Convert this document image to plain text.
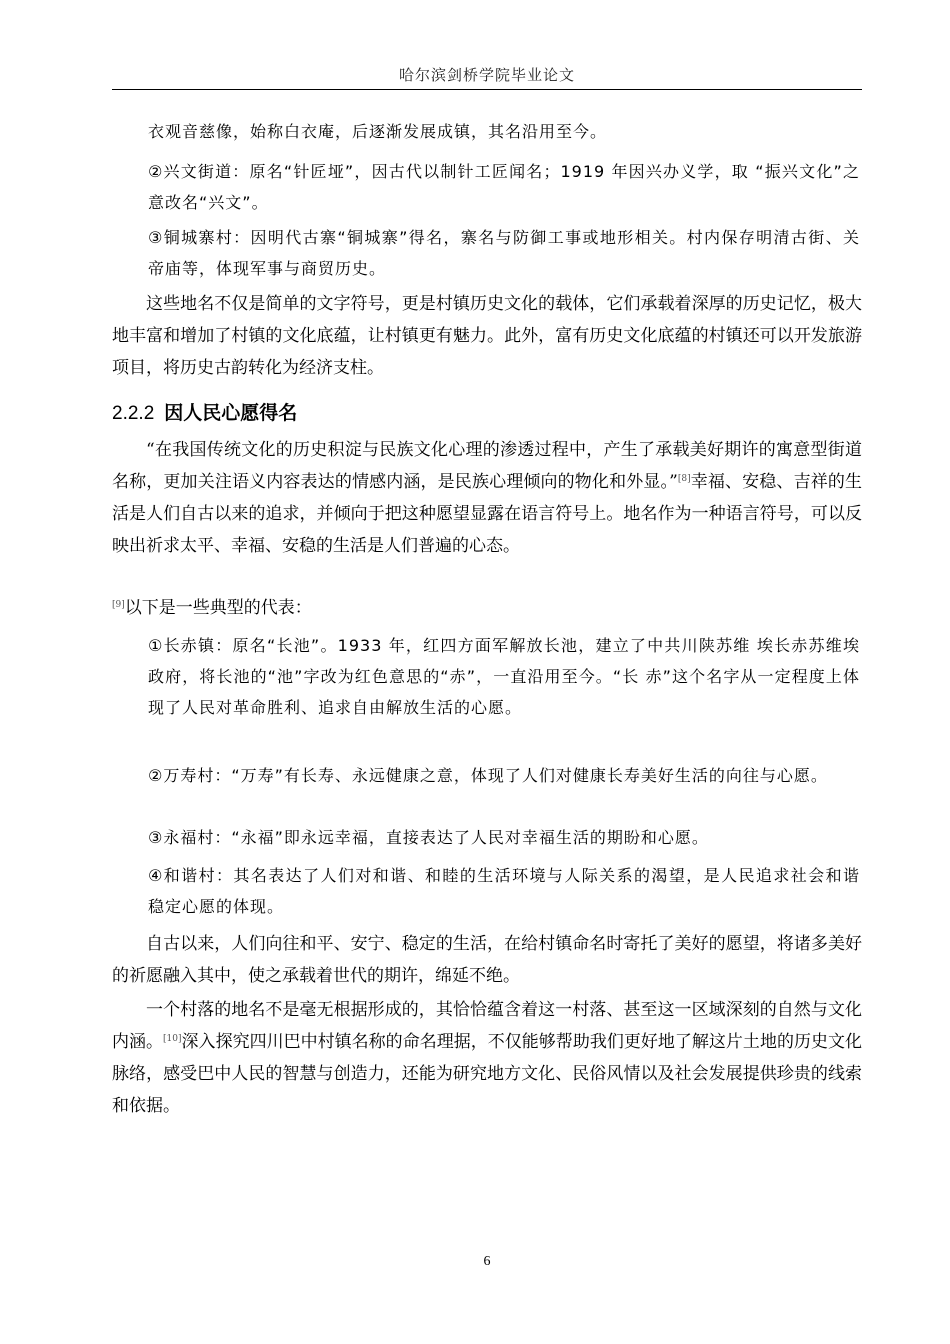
哈尔滨剑桥学院毕业论文

衣观音慈像，始称白衣庵，后逐渐发展成镇，其名沿用至今。

②兴文街道：原名“针匠垭”，因古代以制针工匠闻名；1919 年因兴办义学，取 “振兴文化”之意改名“兴文”。

③铜城寨村：因明代古寨“铜城寨”得名，寨名与防御工事或地形相关。村内保存明清古街、关帝庙等，体现军事与商贸历史。

这些地名不仅是简单的文字符号，更是村镇历史文化的载体，它们承载着深厚的历史记忆，极大地丰富和增加了村镇的文化底蕴，让村镇更有魅力。此外，富有历史文化底蕴的村镇还可以开发旅游项目，将历史古韵转化为经济支柱。

2.2.2 因人民心愿得名

“在我国传统文化的历史积淀与民族文化心理的渗透过程中，产生了承载美好期许的寓意型街道名称，更加关注语义内容表达的情感内涵，是民族心理倾向的物化和外显。”[8]幸福、安稳、吉祥的生活是人们自古以来的追求，并倾向于把这种愿望显露在语言符号上。地名作为一种语言符号，可以反映出祈求太平、幸福、安稳的生活是人们普遍的心态。

[9]以下是一些典型的代表：

①长赤镇：原名“长池”。1933 年，红四方面军解放长池，建立了中共川陕苏维 埃长赤苏维埃政府，将长池的“池”字改为红色意思的“赤”，一直沿用至今。“长 赤”这个名字从一定程度上体现了人民对革命胜利、追求自由解放生活的心愿。

②万寿村：“万寿”有长寿、永远健康之意，体现了人们对健康长寿美好生活的向往与心愿。

③永福村：“永福”即永远幸福，直接表达了人民对幸福生活的期盼和心愿。

④和谐村：其名表达了人们对和谐、和睦的生活环境与人际关系的渴望，是人民追求社会和谐稳定心愿的体现。

自古以来，人们向往和平、安宁、稳定的生活，在给村镇命名时寄托了美好的愿望，将诸多美好的祈愿融入其中，使之承载着世代的期许，绵延不绝。

一个村落的地名不是毫无根据形成的，其恰恰蕴含着这一村落、甚至这一区域深刻的自然与文化内涵。[10]深入探究四川巴中村镇名称的命名理据，不仅能够帮助我们更好地了解这片土地的历史文化脉络，感受巴中人民的智慧与创造力，还能为研究地方文化、民俗风情以及社会发展提供珍贵的线索和依据。

6
